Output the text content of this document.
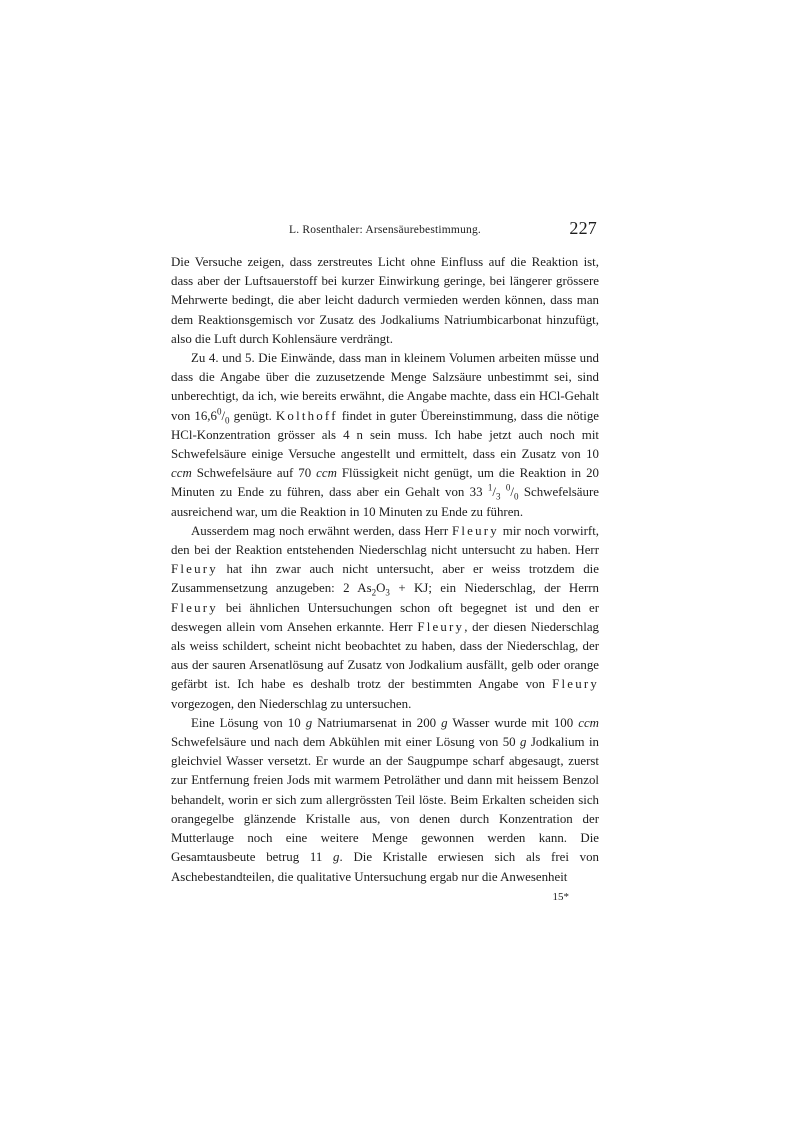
L. Rosenthaler: Arsensäurebestimmung.	227

Die Versuche zeigen, dass zerstreutes Licht ohne Einfluss auf die Reaktion ist, dass aber der Luftsauerstoff bei kurzer Einwirkung geringe, bei längerer grössere Mehrwerte bedingt, die aber leicht dadurch vermieden werden können, dass man dem Reaktionsgemisch vor Zusatz des Jodkaliums Natriumbicarbonat hinzufügt, also die Luft durch Kohlensäure verdrängt.

Zu 4. und 5. Die Einwände, dass man in kleinem Volumen arbeiten müsse und dass die Angabe über die zuzusetzende Menge Salzsäure unbestimmt sei, sind unberechtigt, da ich, wie bereits erwähnt, die Angabe machte, dass ein HCl-Gehalt von $16,6^0/_0$ genügt. Kolthoff findet in guter Übereinstimmung, dass die nötige HCl-Konzentration grösser als 4 n sein muss. Ich habe jetzt auch noch mit Schwefelsäure einige Versuche angestellt und ermittelt, dass ein Zusatz von 10 ccm Schwefelsäure auf 70 ccm Flüssigkeit nicht genügt, um die Reaktion in 20 Minuten zu Ende zu führen, dass aber ein Gehalt von 33 $^1/_3$ $^0/_0$ Schwefelsäure ausreichend war, um die Reaktion in 10 Minuten zu Ende zu führen.

Ausserdem mag noch erwähnt werden, dass Herr Fleury mir noch vorwirft, den bei der Reaktion entstehenden Niederschlag nicht untersucht zu haben. Herr Fleury hat ihn zwar auch nicht untersucht, aber er weiss trotzdem die Zusammensetzung anzugeben: 2 $As_2O_3$ + KJ; ein Niederschlag, der Herrn Fleury bei ähnlichen Untersuchungen schon oft begegnet ist und den er deswegen allein vom Ansehen erkannte. Herr Fleury, der diesen Niederschlag als weiss schildert, scheint nicht beobachtet zu haben, dass der Niederschlag, der aus der sauren Arsenatlösung auf Zusatz von Jodkalium ausfällt, gelb oder orange gefärbt ist. Ich habe es deshalb trotz der bestimmten Angabe von Fleury vorgezogen, den Niederschlag zu untersuchen.

Eine Lösung von 10 g Natriumarsenat in 200 g Wasser wurde mit 100 ccm Schwefelsäure und nach dem Abkühlen mit einer Lösung von 50 g Jodkalium in gleichviel Wasser versetzt. Er wurde an der Saugpumpe scharf abgesaugt, zuerst zur Entfernung freien Jods mit warmem Petroläther und dann mit heissem Benzol behandelt, worin er sich zum allergrössten Teil löste. Beim Erkalten scheiden sich orangegelbe glänzende Kristalle aus, von denen durch Konzentration der Mutterlauge noch eine weitere Menge gewonnen werden kann. Die Gesamtausbeute betrug 11 g. Die Kristalle erwiesen sich als frei von Aschebestandteilen, die qualitative Untersuchung ergab nur die Anwesenheit

15*
